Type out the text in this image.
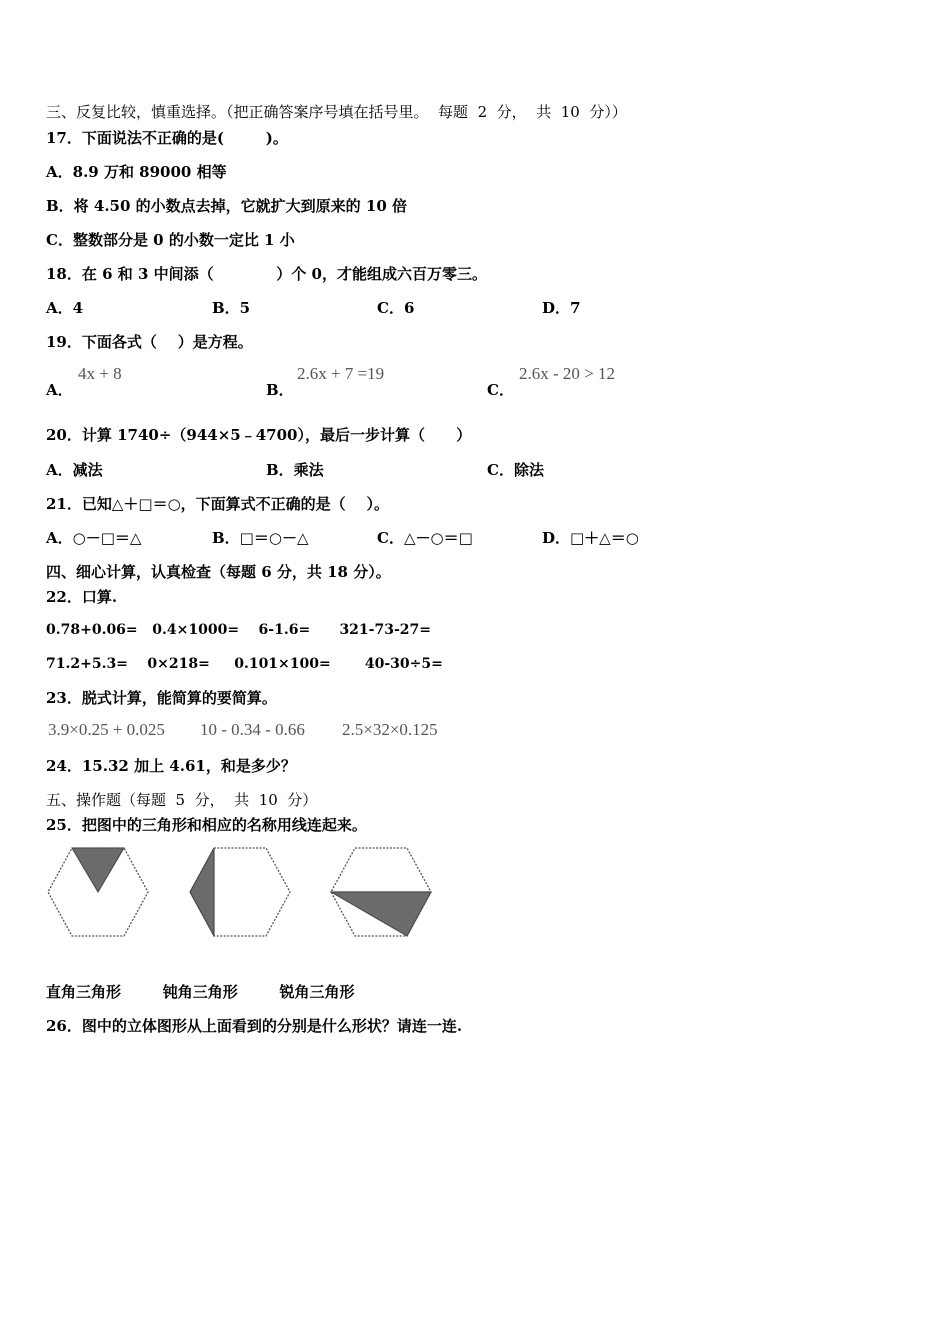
三、反复比较，慎重选择。（把正确答案序号填在括号里。  每题  2  分，  共  10  分））
17．下面说法不正确的是(        )。
A．8.9 万和 89000 相等
B．将 4.50 的小数点去掉，它就扩大到原来的 10 倍
C．整数部分是 0 的小数一定比 1 小
18．在 6 和 3 中间添（            ）个 0，才能组成六百万零三。
A．4	B．5	C．6	D．7
19．下面各式（    ）是方程。
A．
4x + 8
B．
2.6x + 7 =19
C．
2.6x - 20 > 12
20．计算 1740÷（944×5﹣4700），最后一步计算（      ）
A．减法	B．乘法	C．除法
21．已知△＋□＝○，下面算式不正确的是（    ）。
A．○－□＝△	B．□＝○－△	C．△－○＝□	D．□＋△＝○
四、细心计算，认真检查（每题 6 分，共 18 分）。
22．口算.
0.78+0.06=   0.4×1000=    6-1.6=      321-73-27=
71.2+5.3=    0×218=     0.101×100=       40-30÷5=
23．脱式计算，能简算的要简算。
3.9×0.25 + 0.025 10 - 0.34 - 0.66 2.5×32×0.125
24．15.32 加上 4.61，和是多少？
五、操作题（每题  5  分，  共  10  分）
25．把图中的三角形和相应的名称用线连起来。
直角三角形        钝角三角形        锐角三角形
26．图中的立体图形从上面看到的分别是什么形状？请连一连.
